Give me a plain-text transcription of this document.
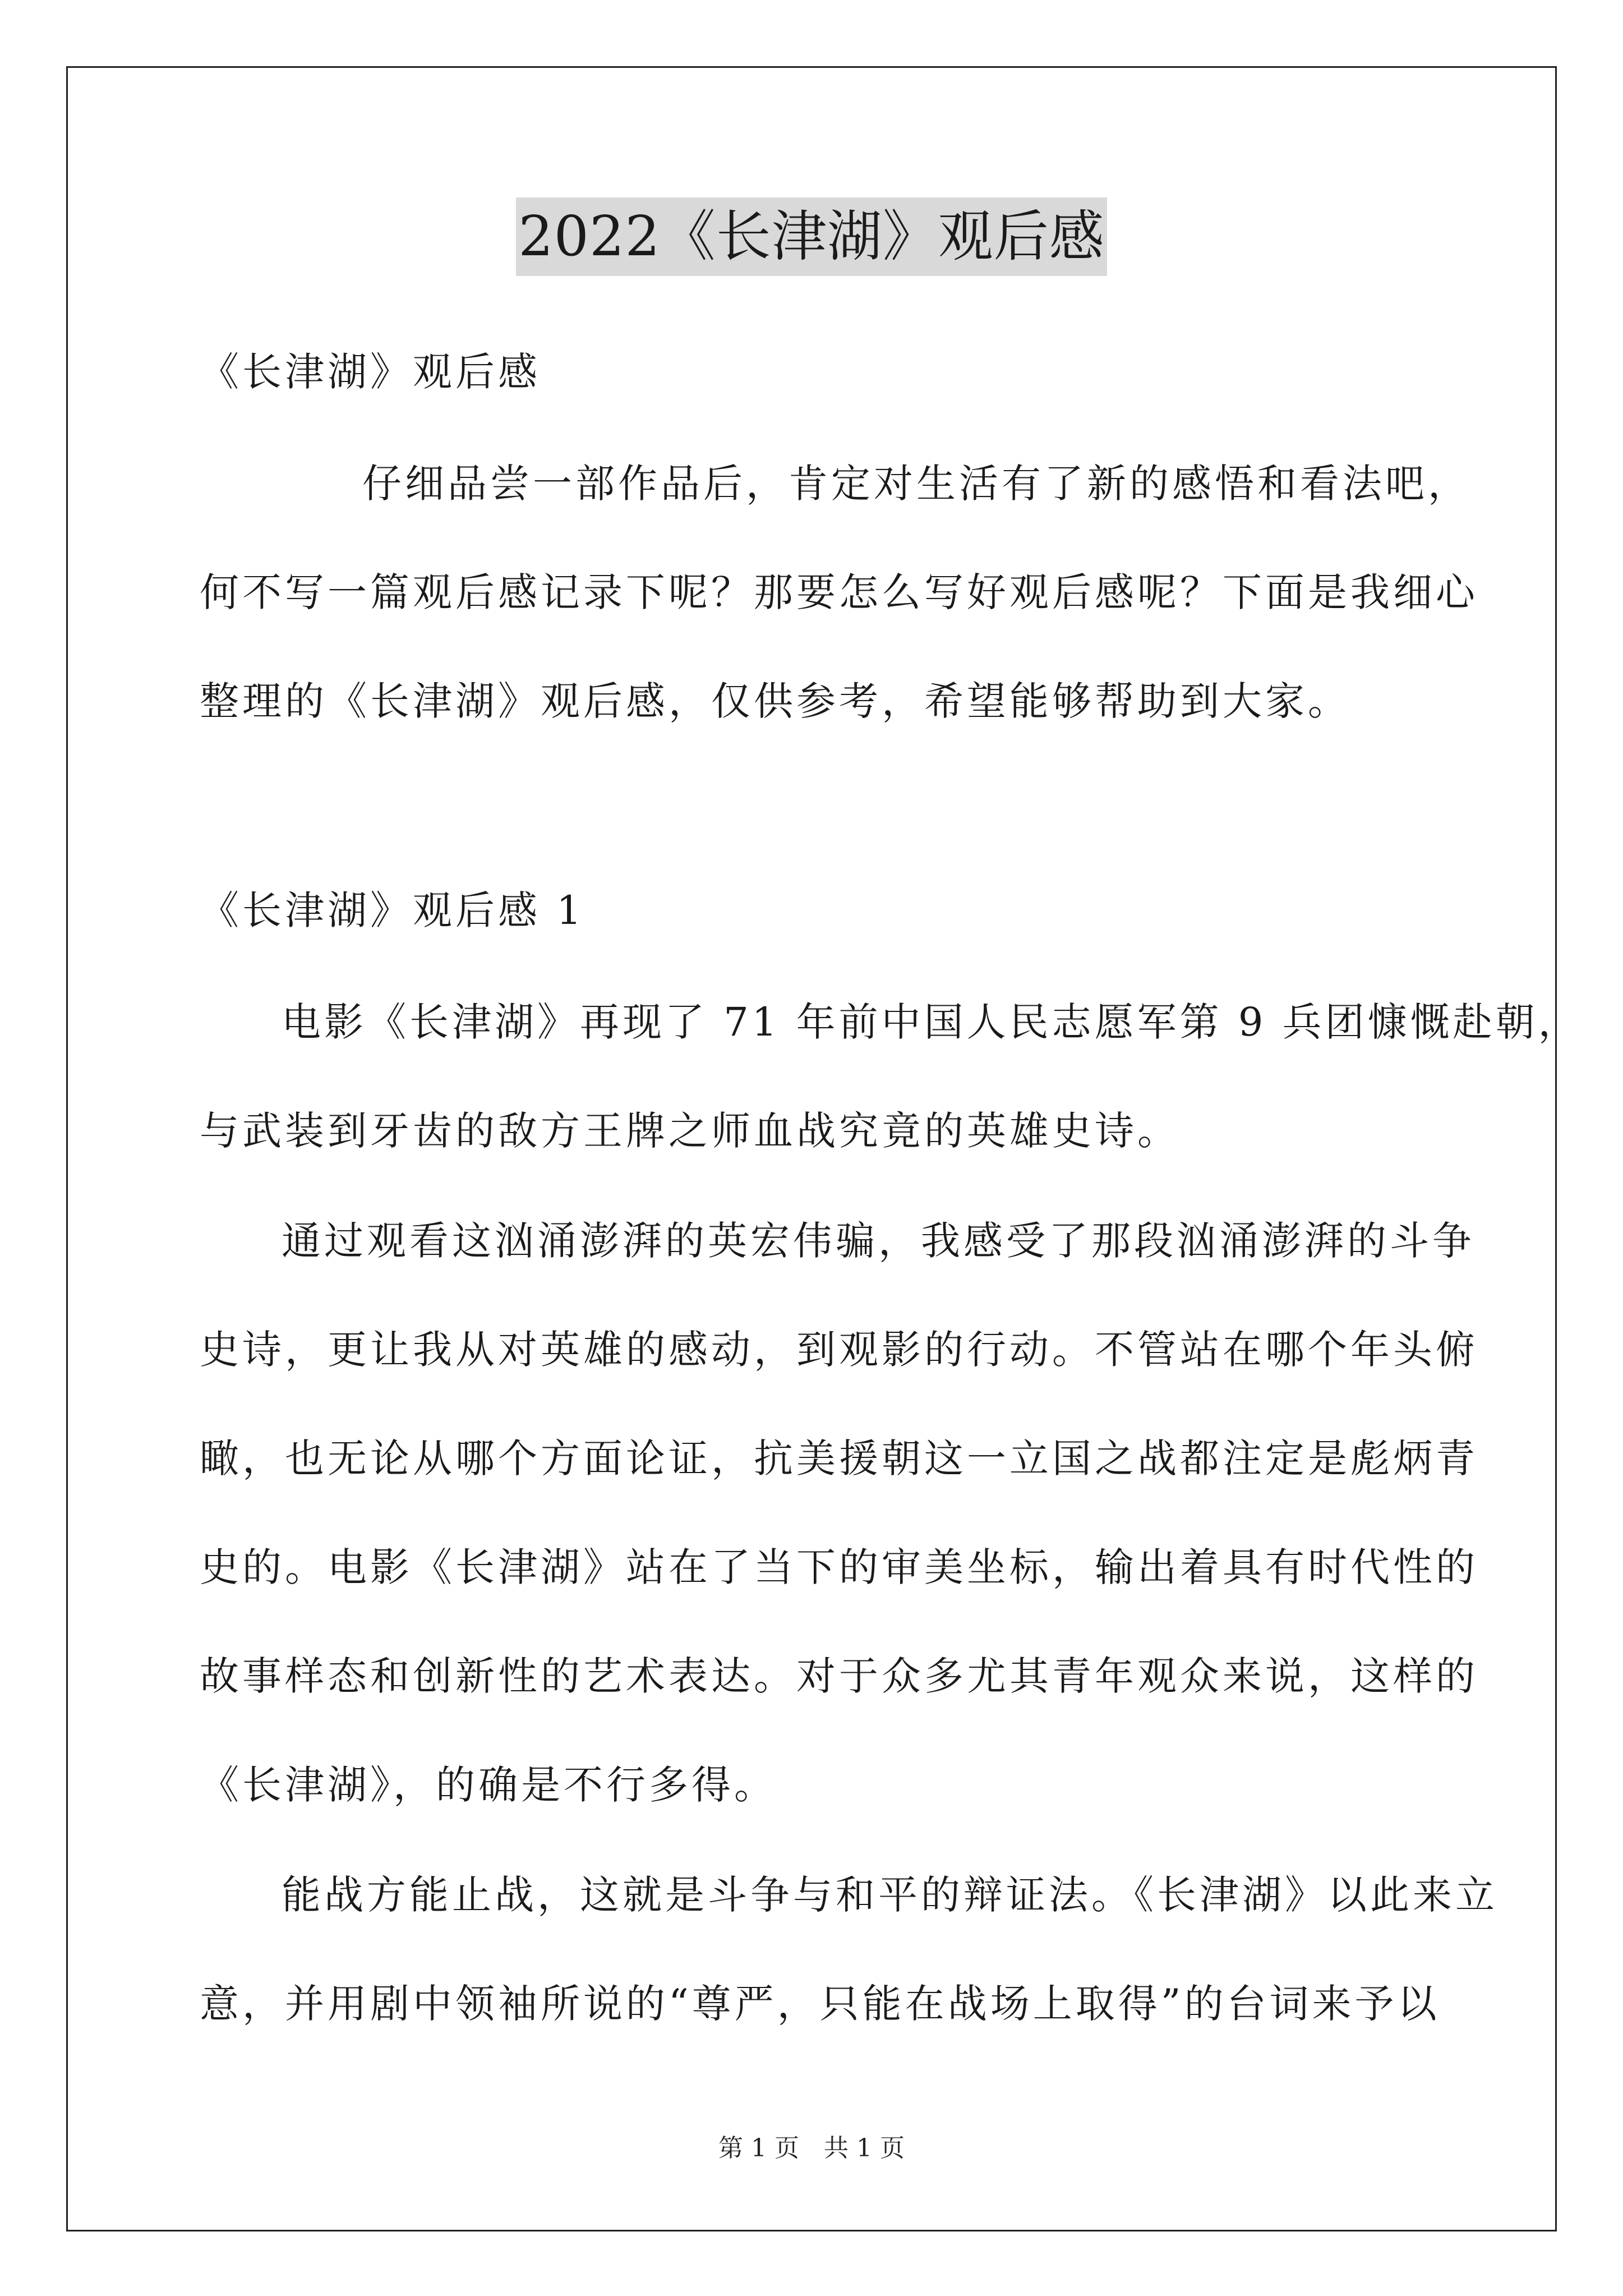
2022《长津湖》观后感
《长津湖》观后感
仔细品尝一部作品后，肯定对生活有了新的感悟和看法吧，
何不写一篇观后感记录下呢？那要怎么写好观后感呢？下面是我细心
整理的《长津湖》观后感，仅供参考，希望能够帮助到大家。
《长津湖》观后感 1
电影《长津湖》再现了 71 年前中国人民志愿军第 9 兵团慷慨赴朝，
与武装到牙齿的敌方王牌之师血战究竟的英雄史诗。
通过观看这汹涌澎湃的英宏伟骗，我感受了那段汹涌澎湃的斗争
史诗，更让我从对英雄的感动，到观影的行动。不管站在哪个年头俯
瞰，也无论从哪个方面论证，抗美援朝这一立国之战都注定是彪炳青
史的。电影《长津湖》站在了当下的审美坐标，输出着具有时代性的
故事样态和创新性的艺术表达。对于众多尤其青年观众来说，这样的
《长津湖》，的确是不行多得。
能战方能止战，这就是斗争与和平的辩证法。《长津湖》以此来立
意，并用剧中领袖所说的“尊严，只能在战场上取得”的台词来予以
第 1 页　共 1 页
